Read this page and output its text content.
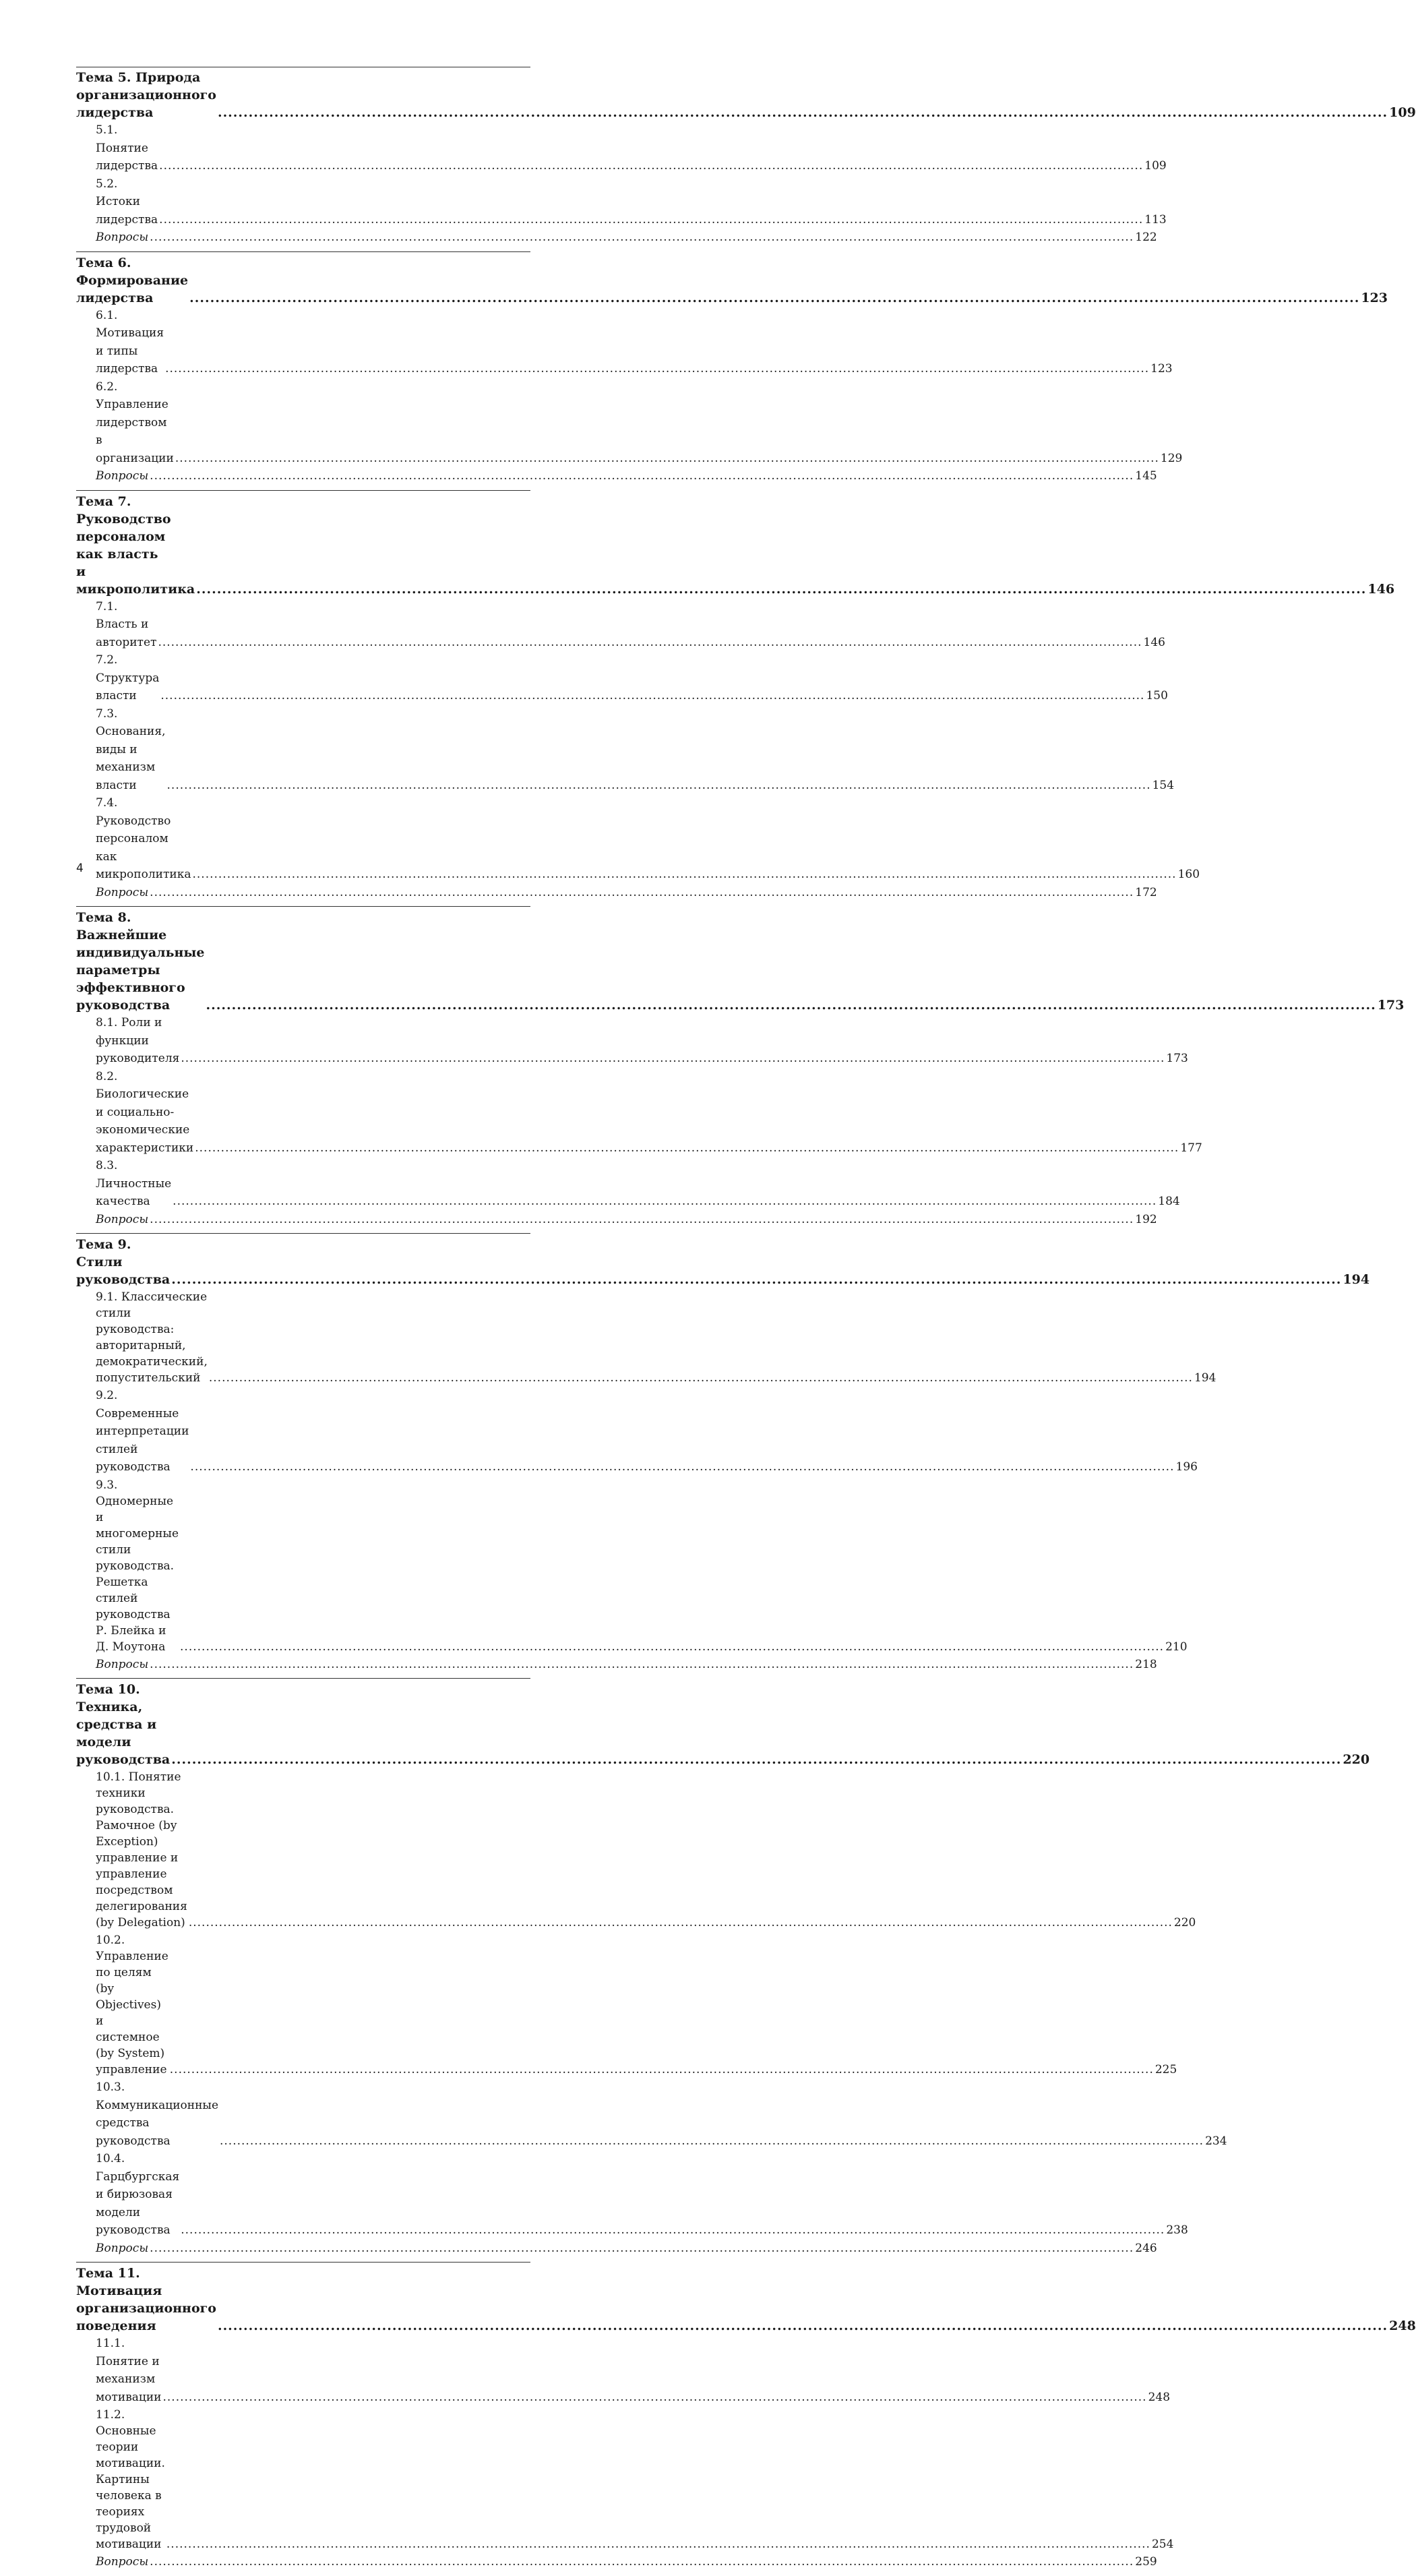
Тема 5. Природа организационного лидерства .....	109
5.1. Понятие лидерства .....	109
5.2. Истоки лидерства .....	113
Вопросы .....	122
Тема 6. Формирование лидерства .....	123
6.1. Мотивация и типы лидерства .....	123
6.2. Управление лидерством в организации .....	129
Вопросы .....	145
Тема 7. Руководство персоналом как власть
и микрополитика .....	146
7.1. Власть и авторитет .....	146
7.2. Структура власти .....	150
7.3. Основания, виды и механизм власти .....	154
7.4. Руководство персоналом как микрополитика .....	160
Вопросы .....	172
Тема 8. Важнейшие индивидуальные параметры
эффективного руководства .....	173
8.1. Роли и функции руководителя .....	173
8.2. Биологические и социально-экономические характеристики .....	177
8.3. Личностные качества .....	184
Вопросы .....	192
Тема 9. Стили руководства .....	194
9.1. Классические стили руководства: авторитарный,
демократический, попустительский .....	194
9.2. Современные интерпретации стилей руководства .....	196
9.3. Одномерные и многомерные стили руководства. Решетка
стилей руководства Р. Блейка и Д. Моутона .....	210
Вопросы .....	218
Тема 10. Техника, средства и модели руководства .....	220
10.1. Понятие техники руководства. Рамочное (by Exception)
управление и управление посредством делегирования
(by Delegation) .....	220
10.2. Управление по целям (by Objectives) и системное
(by System) управление .....	225
10.3. Коммуникационные средства руководства .....	234
10.4. Гарцбургская и бирюзовая модели руководства .....	238
Вопросы .....	246
Тема 11. Мотивация организационного поведения .....	248
11.1. Понятие и механизм мотивации .....	248
11.2. Основные теории мотивации. Картины человека в теориях
трудовой мотивации .....	254
Вопросы .....	259
4
